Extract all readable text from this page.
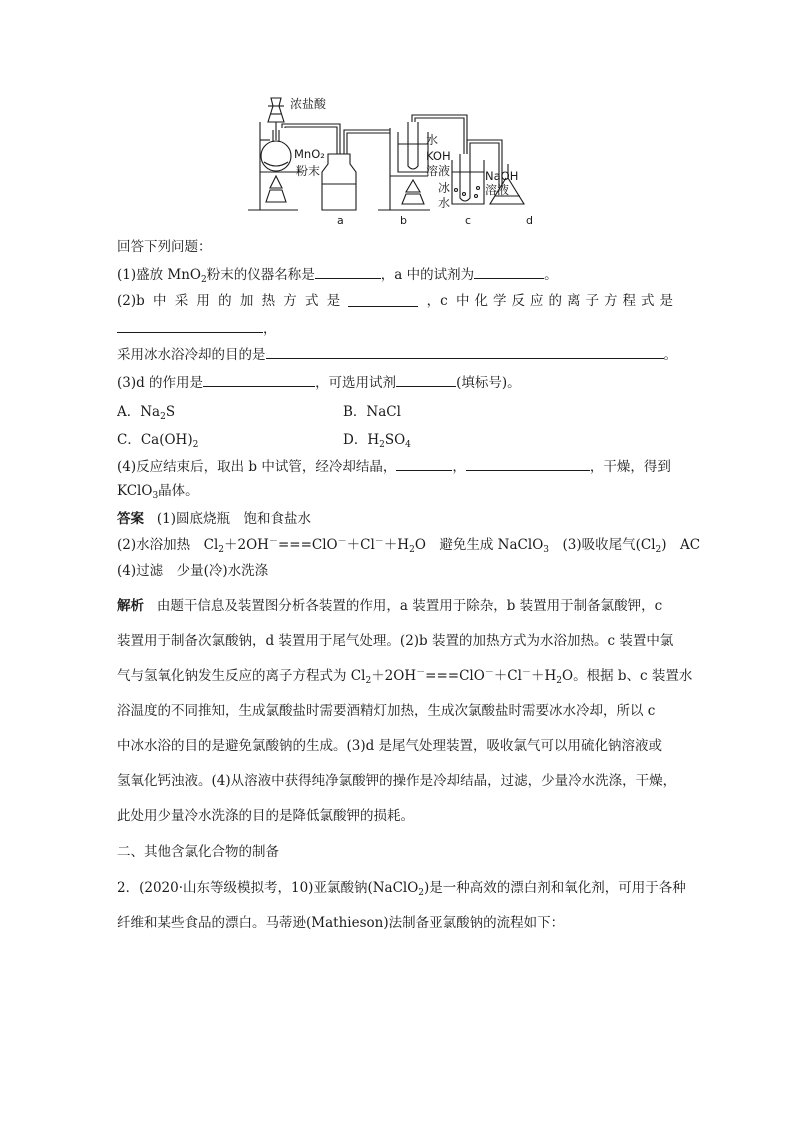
浓盐酸
MnO₂
粉末
水
KOH
溶液
冰
水
NaOH
溶液
a	b	c	d
回答下列问题：
(1)盛放 MnO$_2$粉末的仪器名称是	，a 中的试剂为	。
(2)b 中 采 用 的 加 热 方 式 是	，c 中化学反应的离子方程式是
，
采用冰水浴冷却的目的是	。
(3)d 的作用是	，可选用试剂	(填标号)。
A．$Na_2S$	B．NaCl
C．$Ca(OH)_2$	D．$H_2SO_4$
(4)反应结束后，取出 b 中试管，经冷却结晶，	，	，干燥，得到
KClO$_3$晶体。
答案 (1)圆底烧瓶　饱和食盐水
(2)水浴加热　$Cl_2+2OH^-===ClO^-+Cl^-+H_2O$　避免生成 NaClO$_3$　(3)吸收尾气$(Cl_2)$　AC
(4)过滤　少量(冷)水洗涤
解析 由题干信息及装置图分析各装置的作用，a 装置用于除杂，b 装置用于制备氯酸钾，c
装置用于制备次氯酸钠，d 装置用于尾气处理。(2)b 装置的加热方式为水浴加热。c 装置中氯
气与氢氧化钠发生反应的离子方程式为 $Cl_2+2OH^-===ClO^-+Cl^-+H_2O$。根据 b、c 装置水
浴温度的不同推知，生成氯酸盐时需要酒精灯加热，生成次氯酸盐时需要冰水冷却，所以 c
中冰水浴的目的是避免氯酸钠的生成。(3)d 是尾气处理装置，吸收氯气可以用硫化钠溶液或
氢氧化钙浊液。(4)从溶液中获得纯净氯酸钾的操作是冷却结晶，过滤，少量冷水洗涤，干燥，
此处用少量冷水洗涤的目的是降低氯酸钾的损耗。
二、其他含氯化合物的制备
2．(2020·山东等级模拟考，10)亚氯酸钠(NaClO$_2$)是一种高效的漂白剂和氧化剂，可用于各种
纤维和某些食品的漂白。马蒂逊(Mathieson)法制备亚氯酸钠的流程如下：
